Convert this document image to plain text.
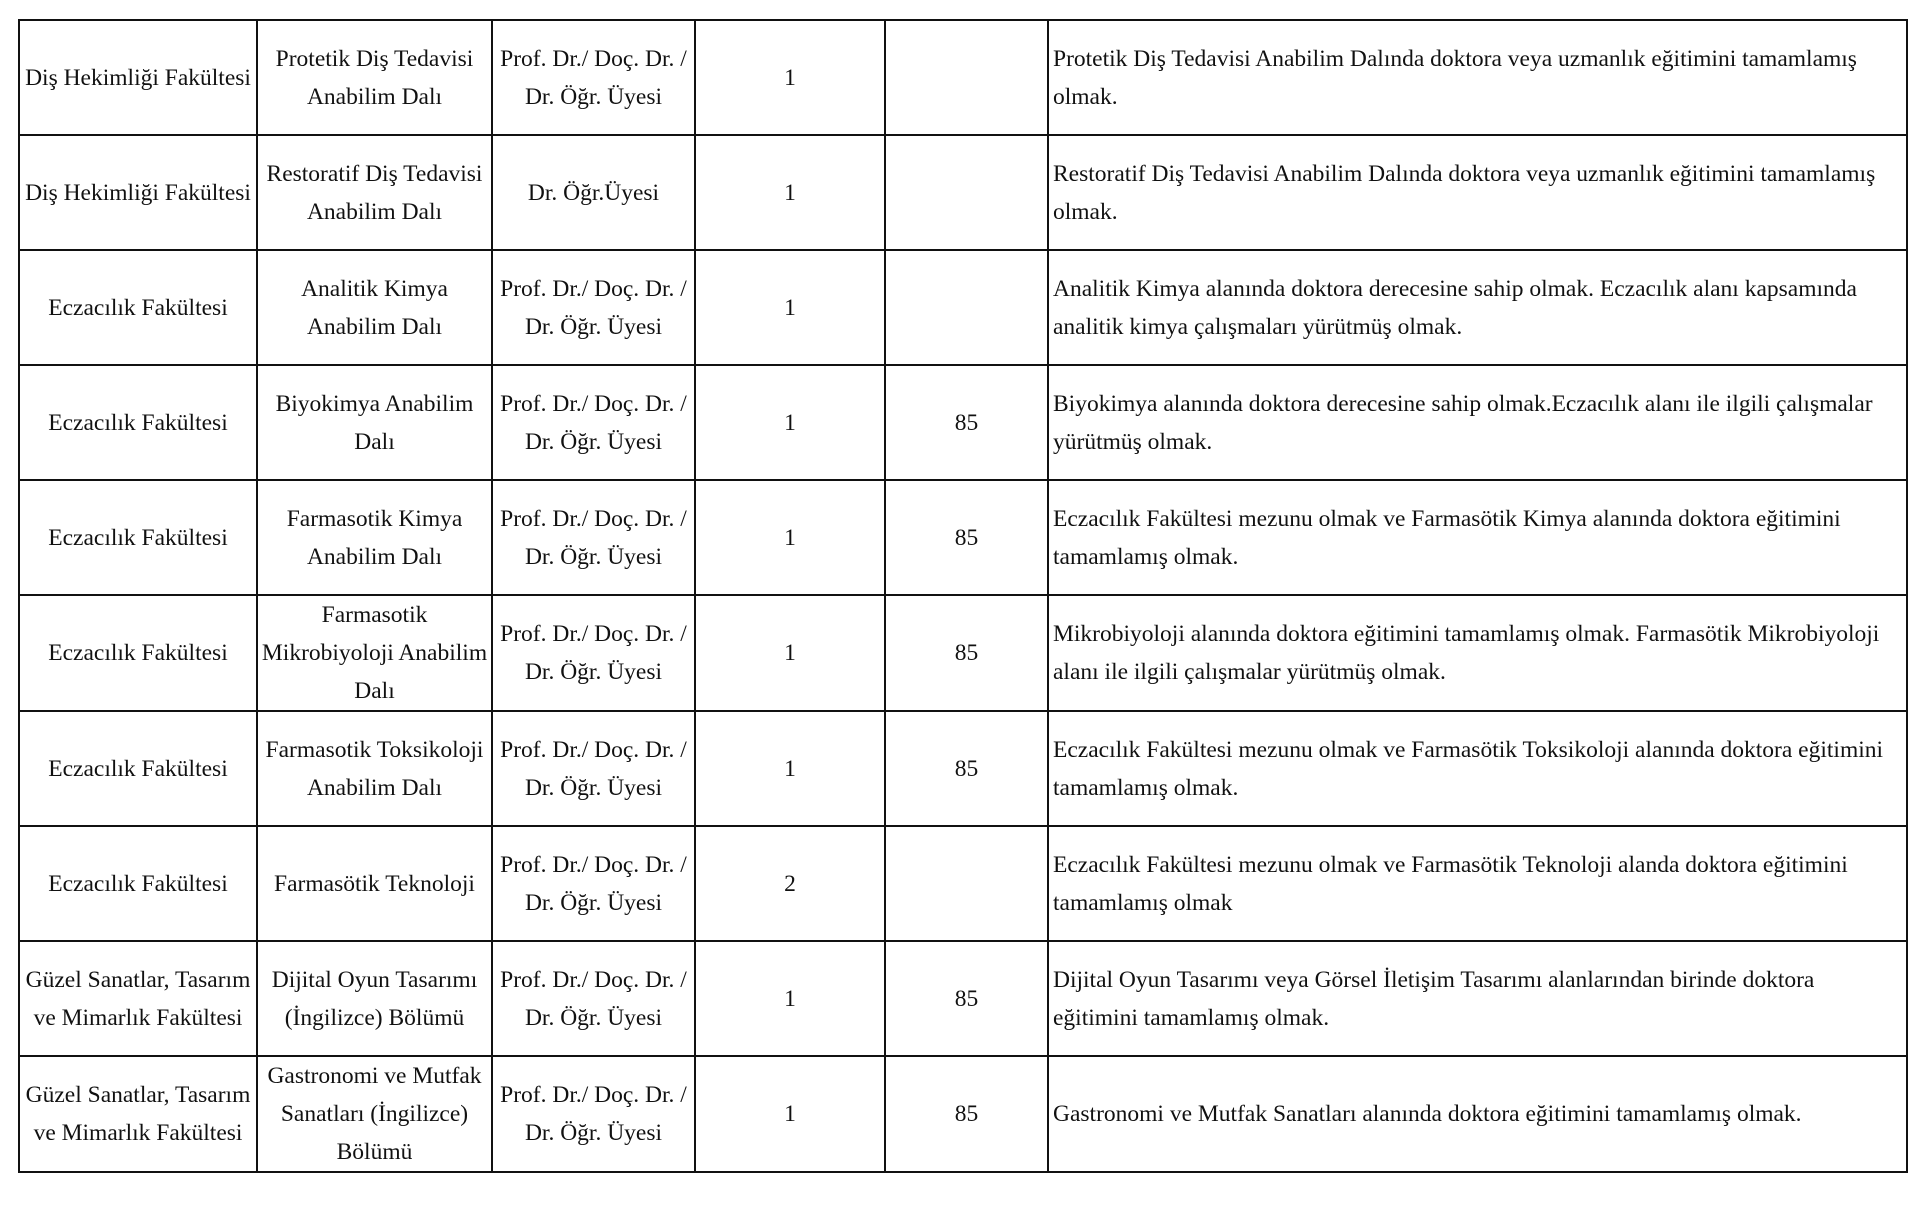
Diş Hekimliği Fakültesi	Protetik Diş Tedavisi Anabilim Dalı	Prof. Dr./ Doç. Dr. / Dr. Öğr. Üyesi	1		Protetik Diş Tedavisi Anabilim Dalında doktora veya uzmanlık eğitimini tamamlamış olmak.
Diş Hekimliği Fakültesi	Restoratif Diş Tedavisi Anabilim Dalı	Dr. Öğr.Üyesi	1		Restoratif Diş Tedavisi Anabilim Dalında doktora veya uzmanlık eğitimini tamamlamış olmak.
Eczacılık Fakültesi	Analitik Kimya Anabilim Dalı	Prof. Dr./ Doç. Dr. / Dr. Öğr. Üyesi	1		Analitik Kimya alanında doktora derecesine sahip olmak. Eczacılık alanı kapsamında analitik kimya çalışmaları yürütmüş olmak.
Eczacılık Fakültesi	Biyokimya Anabilim Dalı	Prof. Dr./ Doç. Dr. / Dr. Öğr. Üyesi	1	85	Biyokimya alanında doktora derecesine sahip olmak.Eczacılık alanı ile ilgili çalışmalar yürütmüş olmak.
Eczacılık Fakültesi	Farmasotik Kimya Anabilim Dalı	Prof. Dr./ Doç. Dr. / Dr. Öğr. Üyesi	1	85	Eczacılık Fakültesi mezunu olmak ve Farmasötik Kimya alanında doktora eğitimini tamamlamış olmak.
Eczacılık Fakültesi	Farmasotik Mikrobiyoloji Anabilim Dalı	Prof. Dr./ Doç. Dr. / Dr. Öğr. Üyesi	1	85	Mikrobiyoloji alanında doktora eğitimini tamamlamış olmak. Farmasötik Mikrobiyoloji alanı ile ilgili çalışmalar yürütmüş olmak.
Eczacılık Fakültesi	Farmasotik Toksikoloji Anabilim Dalı	Prof. Dr./ Doç. Dr. / Dr. Öğr. Üyesi	1	85	Eczacılık Fakültesi mezunu olmak ve Farmasötik Toksikoloji alanında doktora eğitimini tamamlamış olmak.
Eczacılık Fakültesi	Farmasötik Teknoloji	Prof. Dr./ Doç. Dr. / Dr. Öğr. Üyesi	2		Eczacılık Fakültesi mezunu olmak ve Farmasötik Teknoloji alanda doktora eğitimini tamamlamış olmak
Güzel Sanatlar, Tasarım ve Mimarlık Fakültesi	Dijital Oyun Tasarımı (İngilizce) Bölümü	Prof. Dr./ Doç. Dr. / Dr. Öğr. Üyesi	1	85	Dijital Oyun Tasarımı veya Görsel İletişim Tasarımı alanlarından birinde doktora eğitimini tamamlamış olmak.
Güzel Sanatlar, Tasarım ve Mimarlık Fakültesi	Gastronomi ve Mutfak Sanatları (İngilizce) Bölümü	Prof. Dr./ Doç. Dr. / Dr. Öğr. Üyesi	1	85	Gastronomi ve Mutfak Sanatları alanında doktora eğitimini tamamlamış olmak.
